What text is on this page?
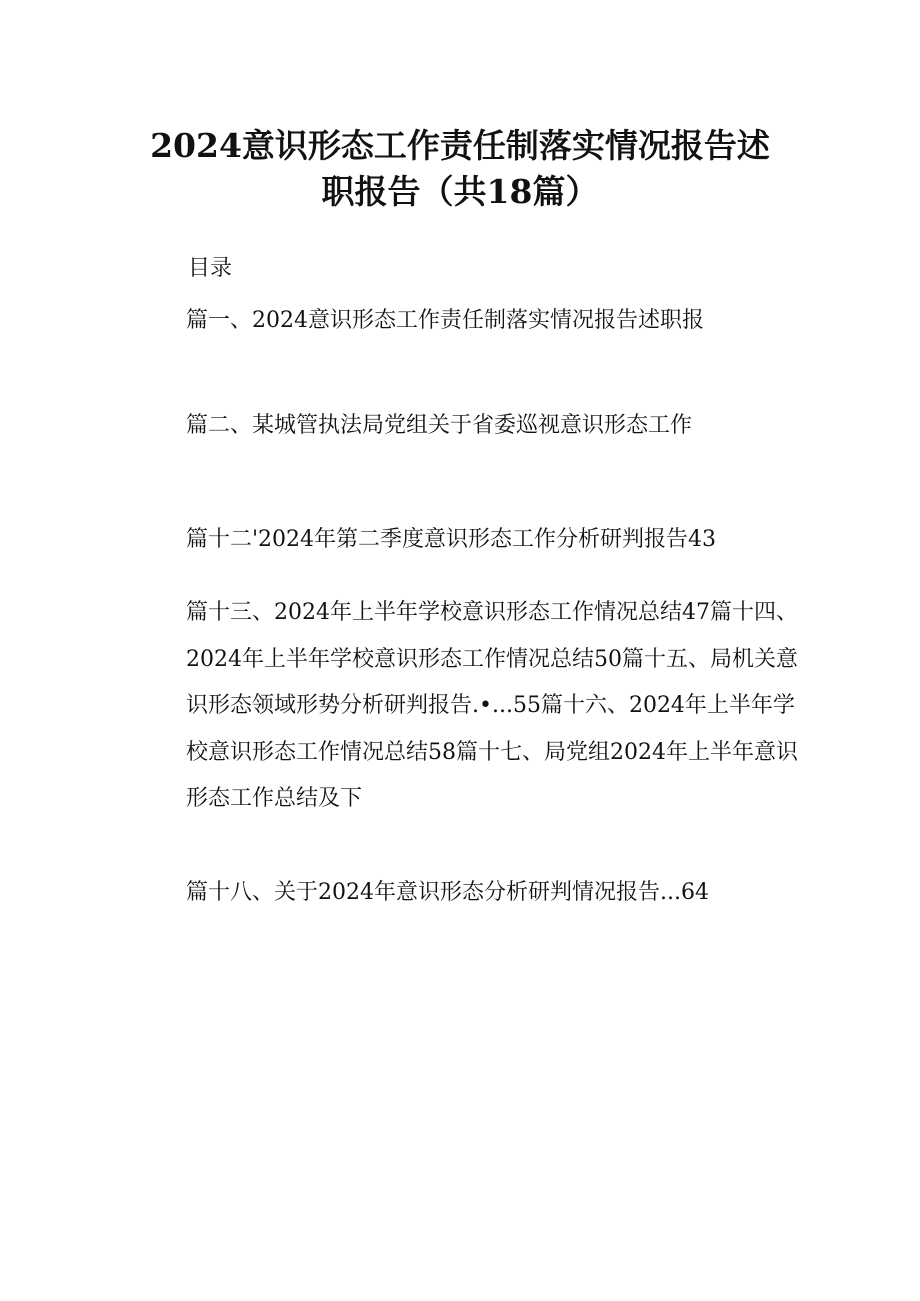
2024意识形态工作责任制落实情况报告述
职报告（共18篇）
目录
篇一、2024意识形态工作责任制落实情况报告述职报
篇二、某城管执法局党组关于省委巡视意识形态工作
篇十二'2024年第二季度意识形态工作分析研判报告43
篇十三、2024年上半年学校意识形态工作情况总结47篇十四、
2024年上半年学校意识形态工作情况总结50篇十五、局机关意
识形态领域形势分析研判报告.•...55篇十六、2024年上半年学
校意识形态工作情况总结58篇十七、局党组2024年上半年意识
形态工作总结及下
篇十八、关于2024年意识形态分析研判情况报告...64
